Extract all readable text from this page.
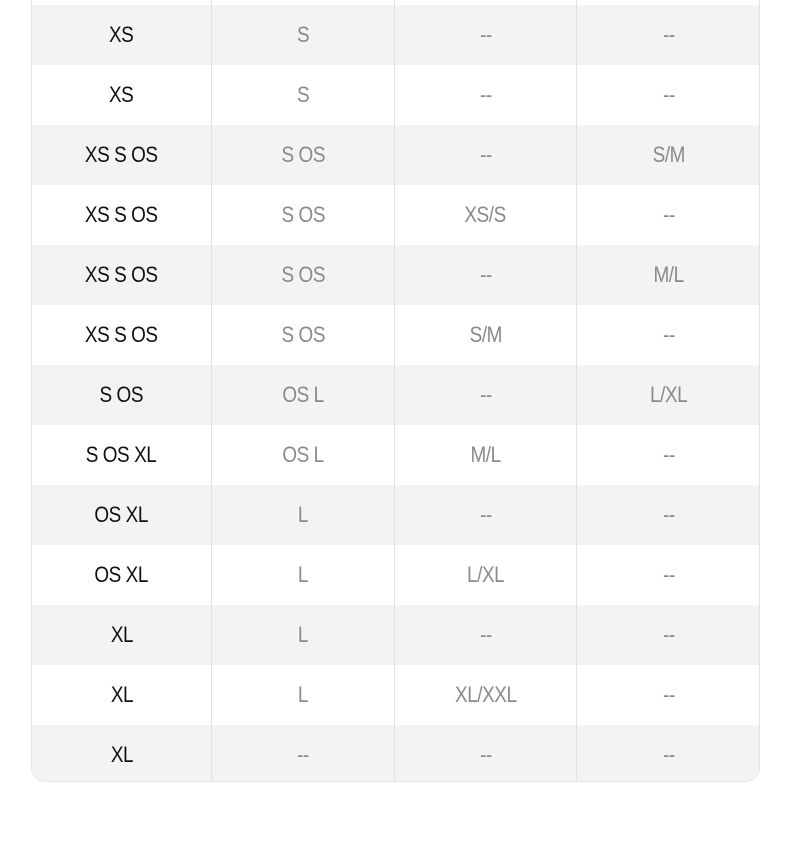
XS	S	--	--
XS	S	--	--
XS S OS	S OS	--	S/M
XS S OS	S OS	XS/S	--
XS S OS	S OS	--	M/L
XS S OS	S OS	S/M	--
S OS	OS L	--	L/XL
S OS XL	OS L	M/L	--
OS XL	L	--	--
OS XL	L	L/XL	--
XL	L	--	--
XL	L	XL/XXL	--
XL	--	--	--
